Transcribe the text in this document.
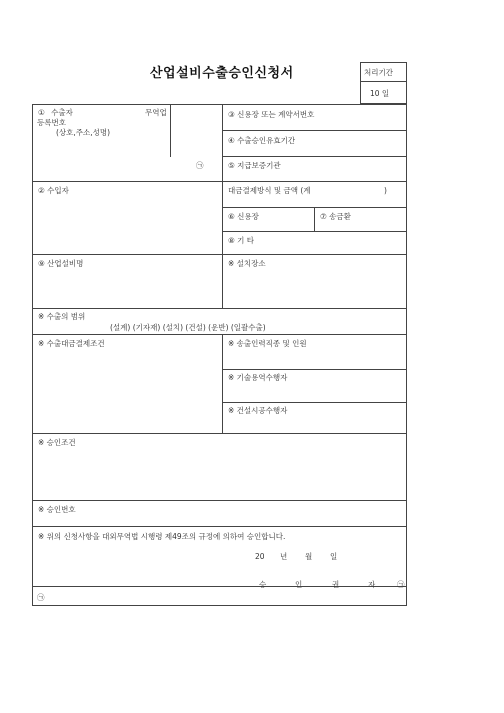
산업설비수출승인신청서	처리기간
10 일
① 수출자	무역업
등록번호
(상호,주소,성명)
㉠
③ 신용장 또는 계약서번호
④ 수출승인유효기간
⑤ 지급보증기관
② 수입자	대금결제방식 및 금액 (계	)
⑥ 신용장	⑦ 송금환
⑧ 기 타
⑨ 산업설비명	※ 설치장소
※ 수출의 범위
(설계) (기자재) (설치) (건설) (운반) (일괄수출)
※ 수출대금결제조건	※ 송출인력직종 및 인원
※ 기술용역수행자
※ 건설시공수행자
※ 승인조건
※ 승인번호
※ 위의 신청사항을 대외무역법 시행령 제49조의 규정에 의하여 승인합니다.
20 년 월 일
승	인	권	자	㉠
㉠
